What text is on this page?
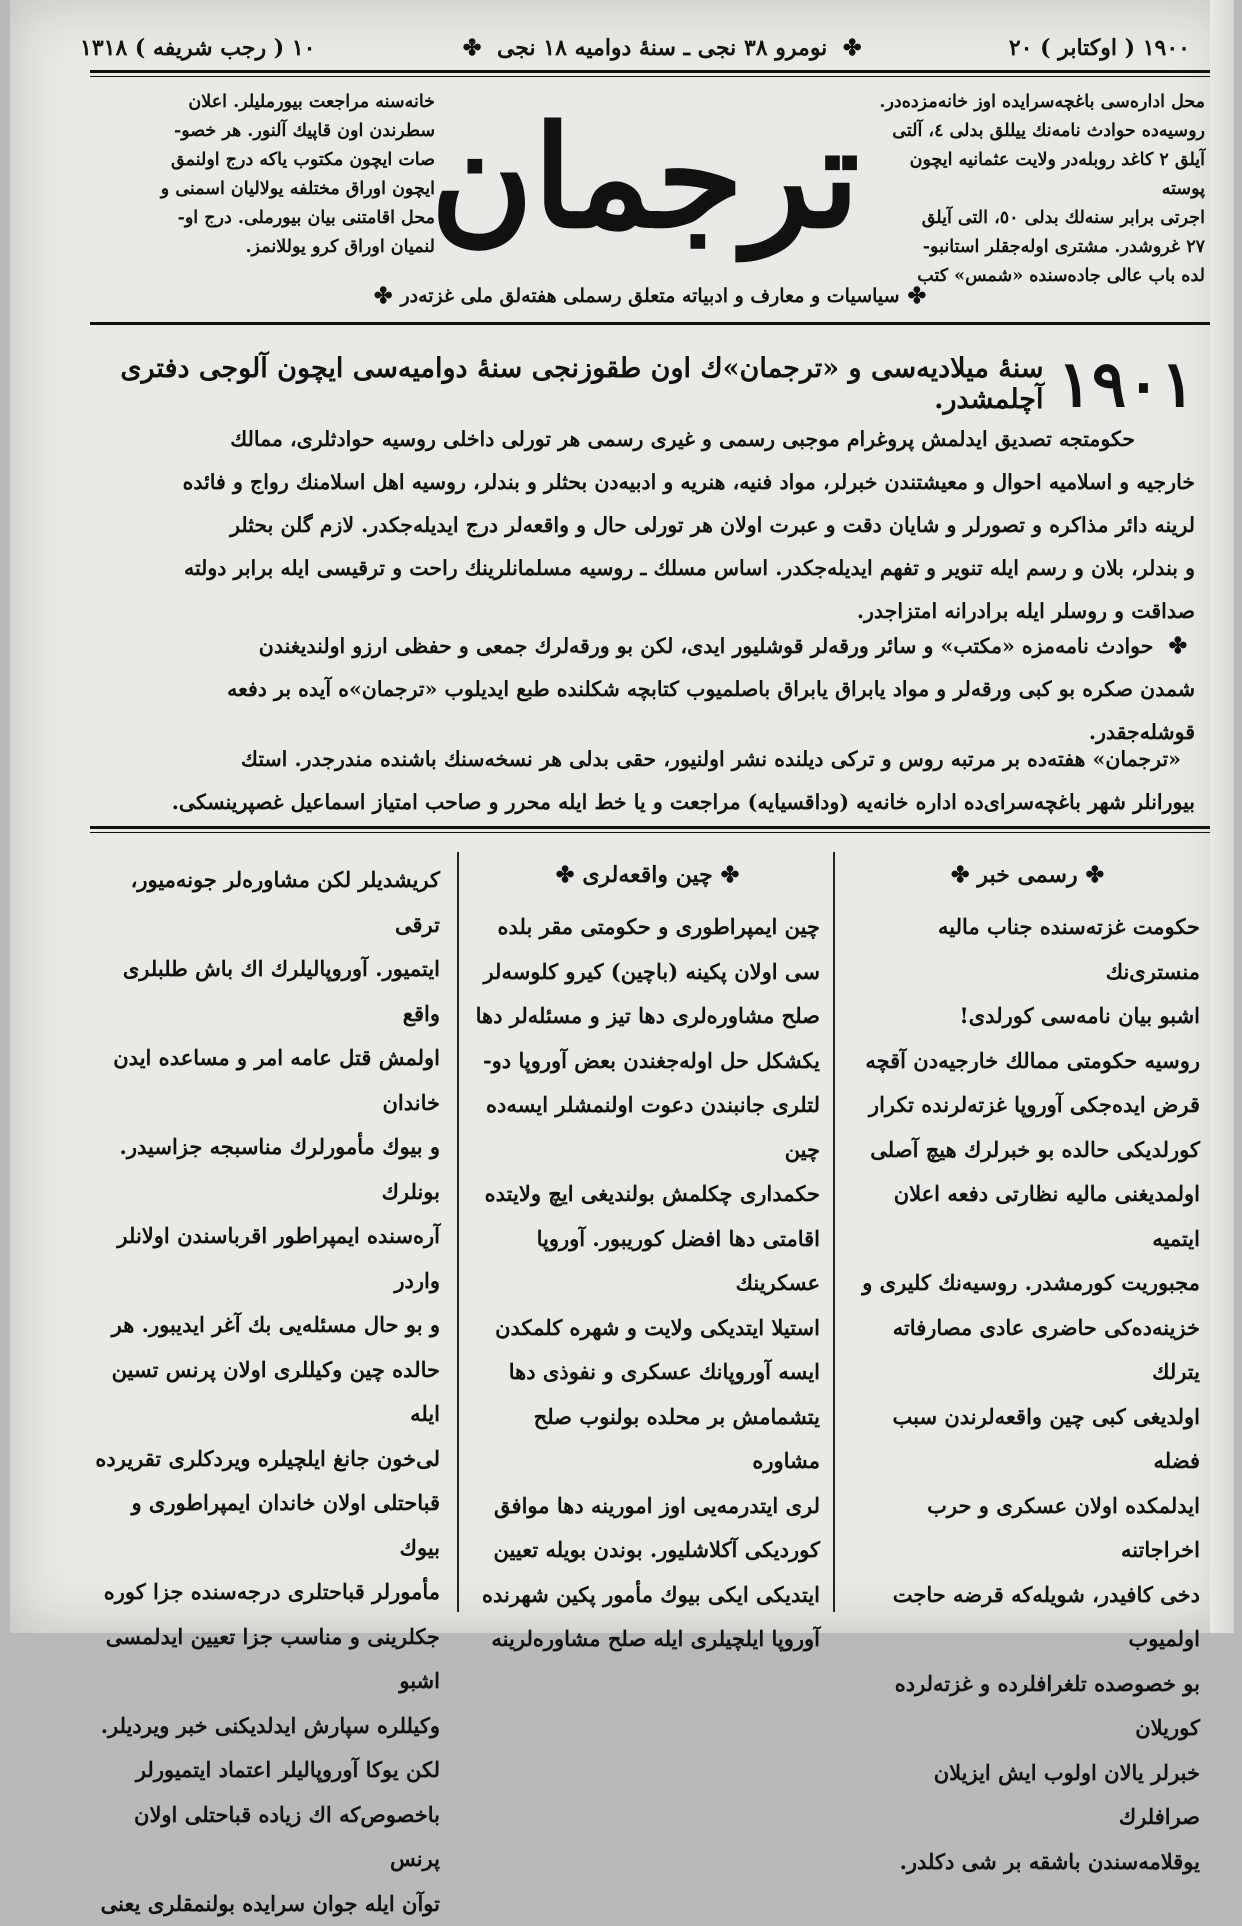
١٩٠٠ ( اوکتابر ) ٢٠
✤ نومرو ٣٨ نجی ـ سنهٔ دوامیه ١٨ نجی ✤
١٠ ( رجب شریفه ) ١٣١٨
محل اداره‌سی باغچه‌سرایده اوز خانه‌مزده‌در.
روسیه‌ده حوادث نامه‌نك ییللق بدلی ٤، آلتی
آیلق ٢ کاغد روبله‌در ولایت عثمانیه ایچون پوسته
اجرتی برابر سنه‌لك بدلی ٥٠، التی آیلق
٢٧ غروشدر. مشتری اوله‌جقلر استانبو-
لده باب عالی جاده‌سنده «شمس» کتب
ترجمان
خانه‌سنه مراجعت بیورملیلر. اعلان
سطرندن اون قاپیك آلنور. هر خصو-
صات ایچون مکتوب یاکه درج اولنمق
ایچون اوراق مختلفه یولالیان اسمنی و
محل اقامتنی بیان بیورملی. درج او-
لنمیان اوراق کرو یوللانمز.
✤
سیاسیات و معارف و ادبیاته متعلق رسملی هفته‌لق ملی غزته‌در
✤
١٩٠١
سنهٔ میلادیه‌سی و «ترجمان»ك اون طقوزنجی سنهٔ دوامیه‌سی ایچون آلوجی دفتری آچلمشدر.
حکومتجه تصدیق ایدلمش پروغرام موجبی رسمی و غیری رسمی هر تورلی داخلی روسیه حوادثلری، ممالك
خارجیه و اسلامیه احوال و معیشتندن خبرلر، مواد فنیه، هنریه و ادبیه‌دن بحثلر و بندلر، روسیه اهل اسلامنك رواج و فائده
لرینه دائر مذاکره و تصورلر و شایان دقت و عبرت اولان هر تورلی حال و واقعه‌لر درج ایدیله‌جکدر. لازم گلن بحثلر
و بندلر، بلان و رسم ایله تنویر و تفهم ایدیله‌جکدر. اساس مسلك ـ روسیه مسلمانلرینك راحت و ترقیسی ایله برابر دولته
صداقت و روسلر ایله برادرانه امتزاجدر.
✤ حوادث نامه‌مزه «مکتب» و سائر ورقه‌لر قوشلیور ایدی، لکن بو ورقه‌لرك جمعی و حفظی ارزو اولندیغندن
شمدن صکره بو کبی ورقه‌لر و مواد یابراق یابراق باصلمیوب کتابچه شکلنده طبع ایدیلوب «ترجمان»ه آیده بر دفعه
قوشله‌جقدر.
«ترجمان» هفته‌ده بر مرتبه روس و ترکی دیلنده نشر اولنیور، حقی بدلی هر نسخه‌سنك باشنده مندرجدر. استك
بیورانلر شهر باغچه‌سرای‌ده اداره خانه‌یه (وداقسیایه) مراجعت و یا خط ایله محرر و صاحب امتیاز اسماعیل غصپرینسکی.
✤
رسمی خبر
✤
حکومت غزته‌سنده جناب مالیه منستری‌نك
اشبو بیان نامه‌سی کورلدی!
روسیه حکومتی ممالك خارجیه‌دن آقچه
قرض ایده‌جکی آوروپا غزته‌لرنده تکرار
کورلدیکی حالده بو خبرلرك هیچ آصلی
اولمدیغنی مالیه نظارتی دفعه اعلان ایتمیه
مجبوریت کورمشدر. روسیه‌نك کلیری و
خزینه‌ده‌کی حاضری عادی مصارفاته یترلك
اولدیغی کبی چین واقعه‌لرندن سبب فضله
ایدلمکده اولان عسکری و حرب اخراجاتنه
دخی کافیدر، شویله‌که قرضه حاجت اولمیوب
بو خصوصده تلغرافلرده و غزته‌لرده کوریلان
خبرلر یالان اولوب ایش ایزیلان صرافلرك
یوقلامه‌سندن باشقه بر شی دکلدر.
✤
چین واقعه‌لری
✤
چین ایمپراطوری و حکومتی مقر بلده
سی اولان پکینه (باچین) کیرو کلوسه‌لر
صلح مشاوره‌لری دها تیز و مسئله‌لر دها
یکشکل حل اوله‌جغندن بعض آوروپا دو-
لتلری جانبندن دعوت اولنمشلر ایسه‌ده چین
حکمداری چکلمش بولندیغی ایچ ولایتده
اقامتی دها افضل کوریبور. آوروپا عسکرینك
استیلا ایتدیکی ولایت و شهره کلمکدن
ایسه آوروپانك عسکری و نفوذی دها
یتشمامش بر محلده بولنوب صلح مشاوره
لری ایتدرمه‌یی اوز امورینه دها موافق
کوردیکی آکلاشلیور. بوندن بویله تعیین
ایتدیکی ایکی بیوك مأمور پکین شهرنده
آوروپا ایلچیلری ایله صلح مشاوره‌لرینه
کریشدیلر لکن مشاوره‌لر جونه‌میور، ترقی
ایتمیور. آوروپالیلرك اك باش طلبلری واقع
اولمش قتل عامه امر و مساعده ایدن خاندان
و بیوك مأمورلرك مناسبجه جزاسیدر. بونلرك
آره‌سنده ایمپراطور اقرباسندن اولانلر واردر
و بو حال مسئله‌یی بك آغر ایدیبور. هر
حالده چین وکیللری اولان پرنس تسین ایله
لی‌خون جانغ ایلچیلره ویردکلری تقریرده
قباحتلی اولان خاندان ایمپراطوری و بیوك
مأمورلر قباحتلری درجه‌سنده جزا کوره
جکلرینی و مناسب جزا تعیین ایدلمسی اشبو
وکیللره سپارش ایدلدیکنی خبر ویردیلر.
لکن یوکا آوروپالیلر اعتماد ایتمیورلر
باخصوص‌که اك زیاده قباحتلی اولان پرنس
توآن ایله جوان سرایده بولنمقلری یعنی
